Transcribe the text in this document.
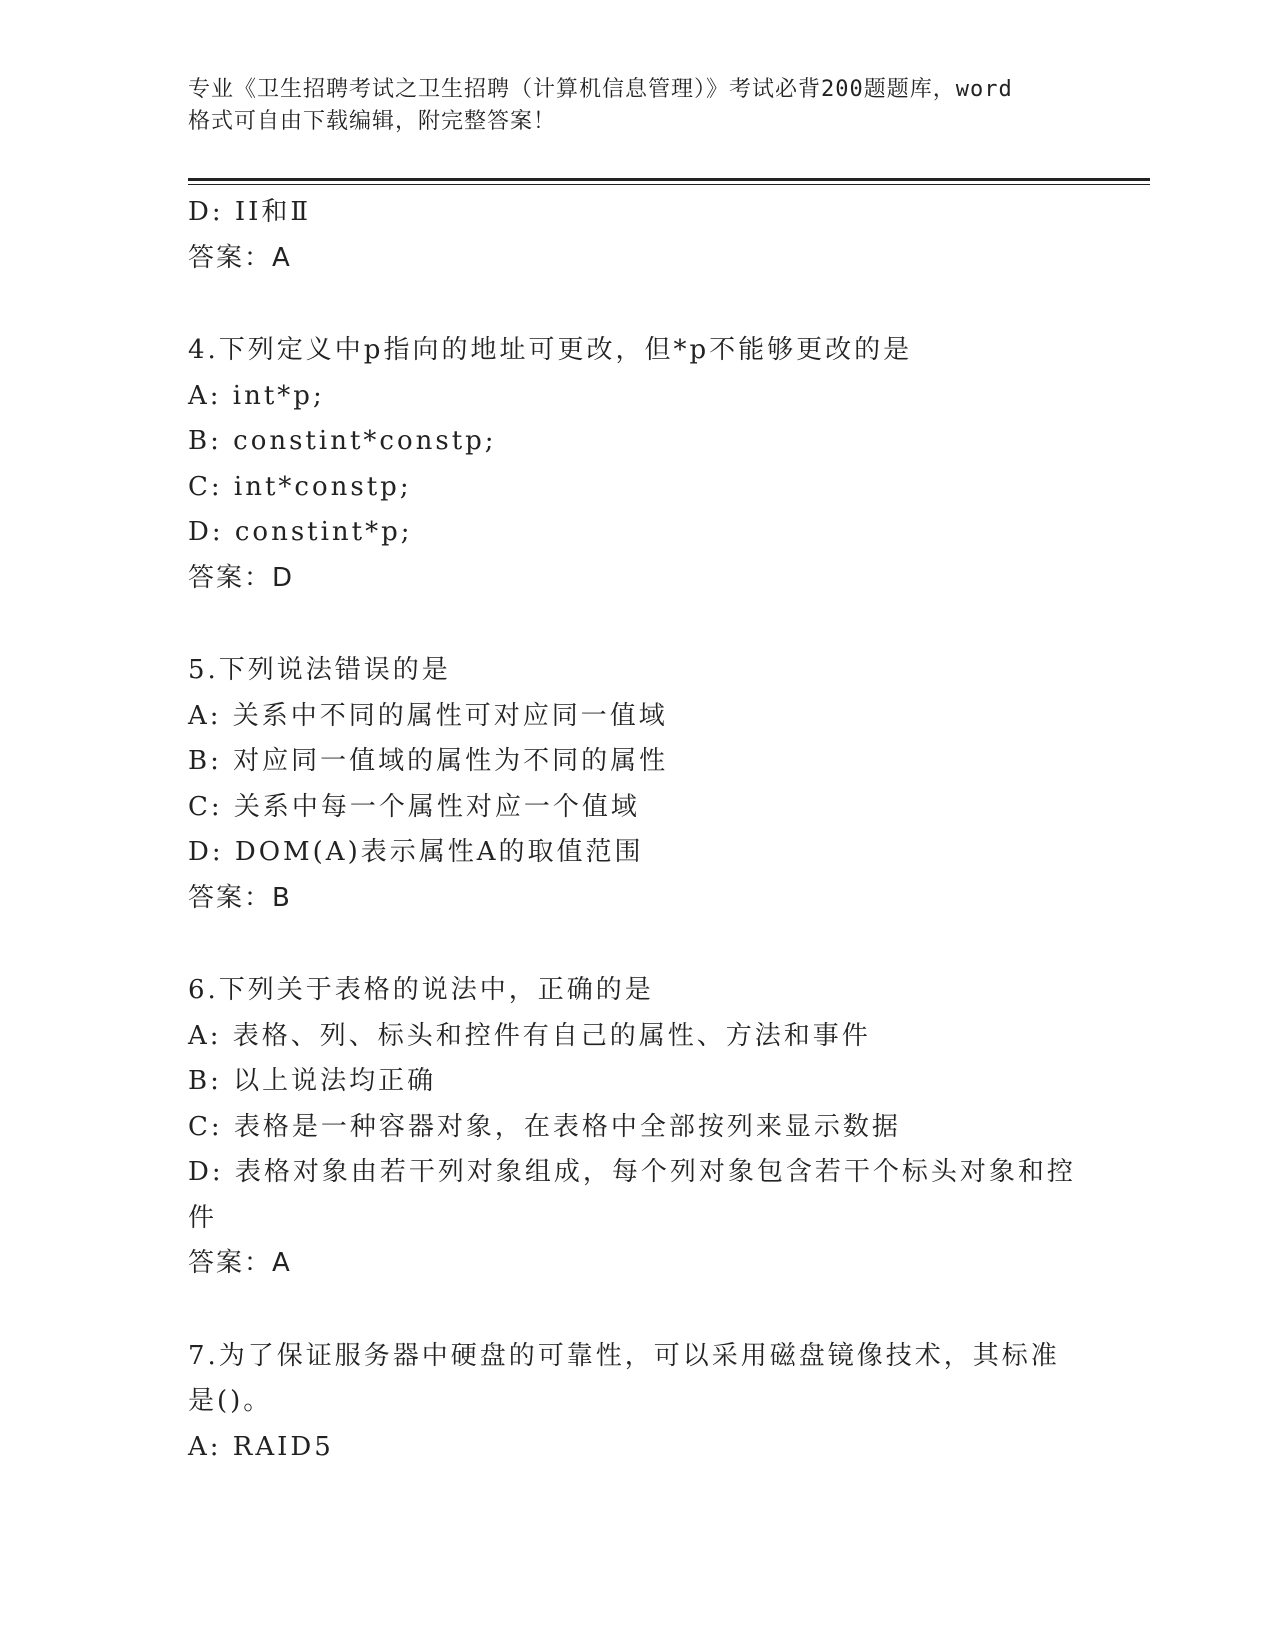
专业《卫生招聘考试之卫生招聘（计算机信息管理）》考试必背200题题库，word
格式可自由下载编辑，附完整答案！
D: ⅠⅠ和Ⅱ
答案：A
4.下列定义中p指向的地址可更改，但*p不能够更改的是
A: int*p;
B: constint*constp;
C: int*constp;
D: constint*p;
答案：D
5.下列说法错误的是
A: 关系中不同的属性可对应同一值域
B: 对应同一值域的属性为不同的属性
C: 关系中每一个属性对应一个值域
D: DOM(A)表示属性A的取值范围
答案：B
6.下列关于表格的说法中，正确的是
A: 表格、列、标头和控件有自己的属性、方法和事件
B: 以上说法均正确
C: 表格是一种容器对象，在表格中全部按列来显示数据
D: 表格对象由若干列对象组成，每个列对象包含若干个标头对象和控
件
答案：A
7.为了保证服务器中硬盘的可靠性，可以采用磁盘镜像技术，其标准
是()。
A: RAID5
